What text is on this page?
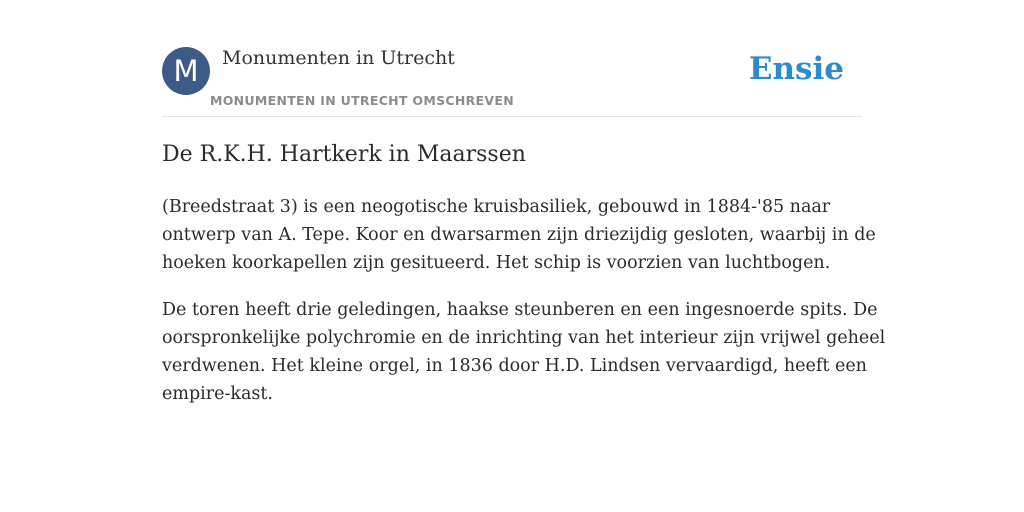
M	Monumenten in Utrecht
MONUMENTEN IN UTRECHT OMSCHREVEN
Ensie
De R.K.H. Hartkerk in Maarssen

(Breedstraat 3) is een neogotische kruisbasiliek, gebouwd in 1884-'85 naar
ontwerp van A. Tepe. Koor en dwarsarmen zijn driezijdig gesloten, waarbij in de
hoeken koorkapellen zijn gesitueerd. Het schip is voorzien van luchtbogen.

De toren heeft drie geledingen, haakse steunberen en een ingesnoerde spits. De
oorspronkelijke polychromie en de inrichting van het interieur zijn vrijwel geheel
verdwenen. Het kleine orgel, in 1836 door H.D. Lindsen vervaardigd, heeft een
empire-kast.
